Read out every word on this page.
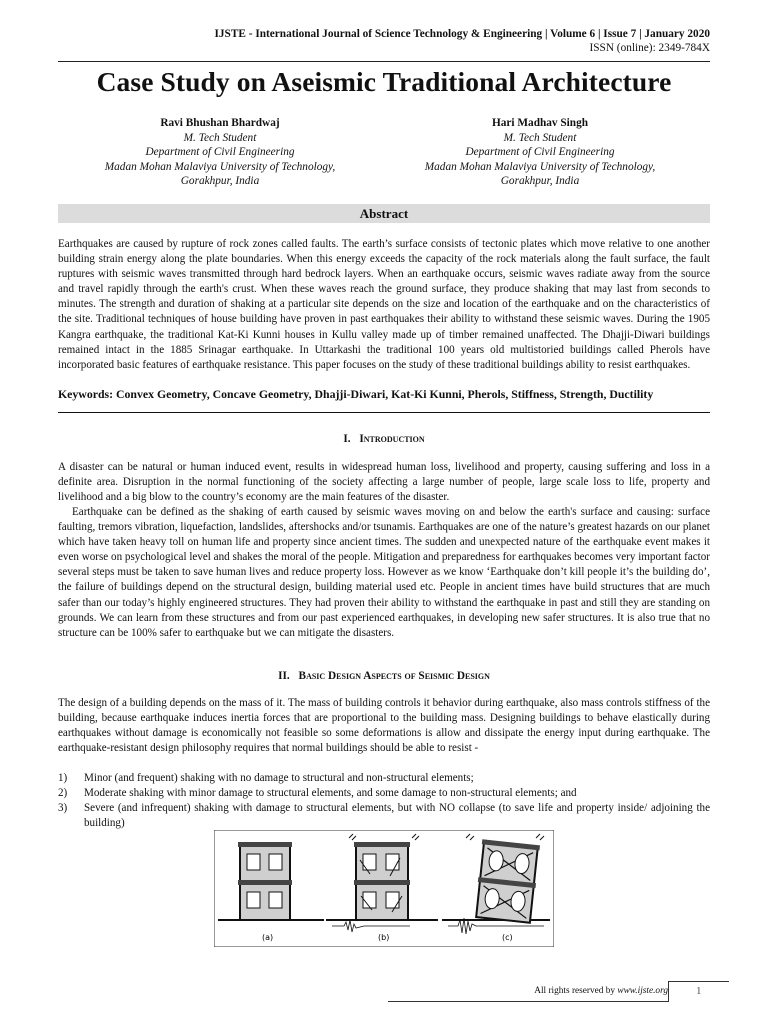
IJSTE - International Journal of Science Technology & Engineering | Volume 6 | Issue 7 | January 2020
ISSN (online): 2349-784X
Case Study on Aseismic Traditional Architecture
Ravi Bhushan Bhardwaj
M. Tech Student
Department of Civil Engineering
Madan Mohan Malaviya University of Technology,
Gorakhpur, India
Hari Madhav Singh
M. Tech Student
Department of Civil Engineering
Madan Mohan Malaviya University of Technology,
Gorakhpur, India
Abstract
Earthquakes are caused by rupture of rock zones called faults. The earth’s surface consists of tectonic plates which move relative to one another building strain energy along the plate boundaries. When this energy exceeds the capacity of the rock materials along the fault surface, the fault ruptures with seismic waves transmitted through hard bedrock layers. When an earthquake occurs, seismic waves radiate away from the source and travel rapidly through the earth's crust. When these waves reach the ground surface, they produce shaking that may last from seconds to minutes. The strength and duration of shaking at a particular site depends on the size and location of the earthquake and on the characteristics of the site. Traditional techniques of house building have proven in past earthquakes their ability to withstand these seismic waves. During the 1905 Kangra earthquake, the traditional Kat-Ki Kunni houses in Kullu valley made up of timber remained unaffected. The Dhajji-Diwari buildings remained intact in the 1885 Srinagar earthquake. In Uttarkashi the traditional 100 years old multistoried buildings called Pherols have incorporated basic features of earthquake resistance. This paper focuses on the study of these traditional buildings ability to resist earthquakes.
Keywords: Convex Geometry, Concave Geometry, Dhajji-Diwari, Kat-Ki Kunni, Pherols, Stiffness, Strength, Ductility
I. Introduction
A disaster can be natural or human induced event, results in widespread human loss, livelihood and property, causing suffering and loss in a definite area. Disruption in the normal functioning of the society affecting a large number of people, large scale loss to life, property and livelihood and a big blow to the country’s economy are the main features of the disaster.
Earthquake can be defined as the shaking of earth caused by seismic waves moving on and below the earth's surface and causing: surface faulting, tremors vibration, liquefaction, landslides, aftershocks and/or tsunamis. Earthquakes are one of the nature’s greatest hazards on our planet which have taken heavy toll on human life and property since ancient times. The sudden and unexpected nature of the earthquake event makes it even worse on psychological level and shakes the moral of the people. Mitigation and preparedness for earthquakes becomes very important factor several steps must be taken to save human lives and reduce property loss. However as we know ‘Earthquake don’t kill people it’s the building do’, the failure of buildings depend on the structural design, building material used etc. People in ancient times have build structures that are much safer than our today’s highly engineered structures. They had proven their ability to withstand the earthquake in past and still they are standing on grounds. We can learn from these structures and from our past experienced earthquakes, in developing new safer structures. It is also true that no structure can be 100% safer to earthquake but we can mitigate the disasters.
II. Basic Design Aspects of Seismic Design
The design of a building depends on the mass of it. The mass of building controls it behavior during earthquake, also mass controls stiffness of the building, because earthquake induces inertia forces that are proportional to the building mass. Designing buildings to behave elastically during earthquakes without damage is economically not feasible so some deformations is allow and dissipate the energy input during earthquake. The earthquake-resistant design philosophy requires that normal buildings should be able to resist -
1) Minor (and frequent) shaking with no damage to structural and non-structural elements;
2) Moderate shaking with minor damage to structural elements, and some damage to non-structural elements; and
3) Severe (and infrequent) shaking with damage to structural elements, but with NO collapse (to save life and property inside/ adjoining the building)
(a)	(b)	(c)
All rights reserved by www.ijste.org	1
